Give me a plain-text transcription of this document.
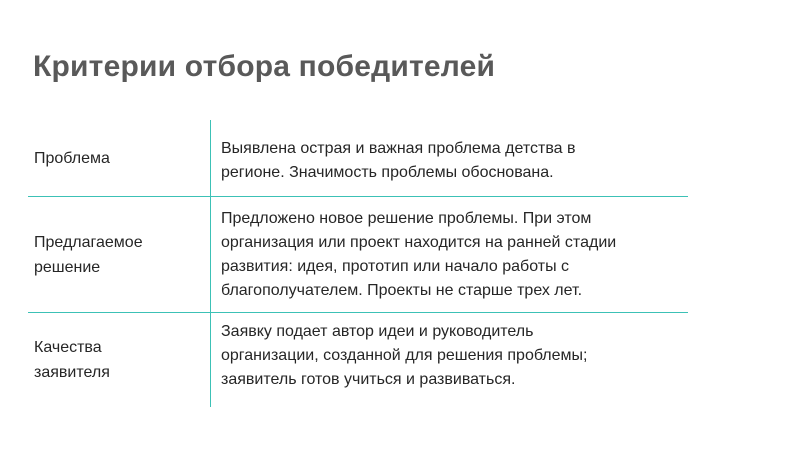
Критерии отбора победителей
Проблема
Выявлена острая и важная проблема детства в
регионе. Значимость проблемы обоснована.
Предлагаемое
решение
Предложено новое решение проблемы. При этом
организация или проект находится на ранней стадии
развития: идея, прототип или начало работы с
благополучателем. Проекты не старше трех лет.
Качества
заявителя
Заявку подает автор идеи и руководитель
организации, созданной для решения проблемы;
заявитель готов учиться и развиваться.
